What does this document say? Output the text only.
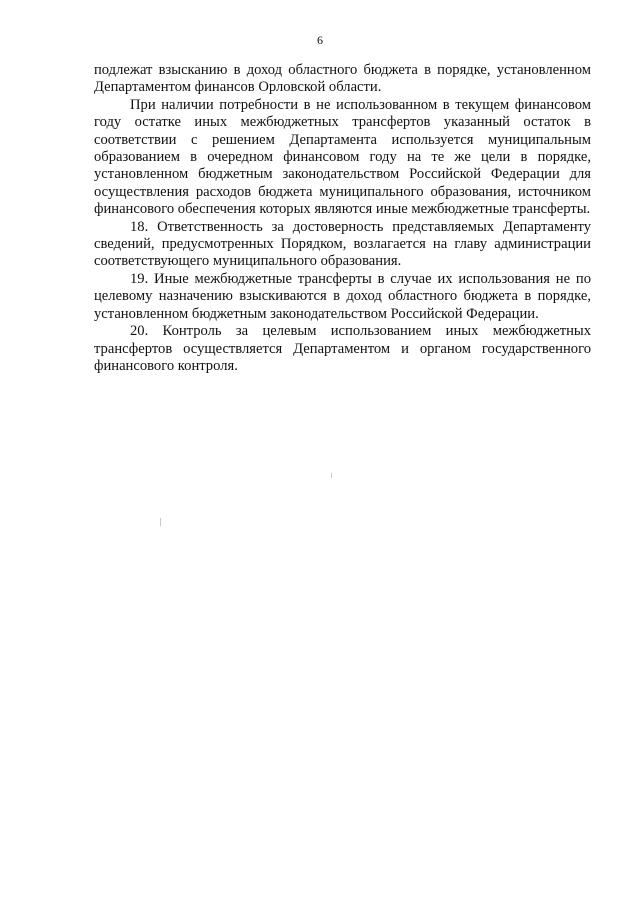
6

подлежат взысканию в доход областного бюджета в порядке, установленном Департаментом финансов Орловской области.

При наличии потребности в не использованном в текущем финансовом году остатке иных межбюджетных трансфертов указанный остаток в соответствии с решением Департамента используется муниципальным образованием в очередном финансовом году на те же цели в порядке, установленном бюджетным законодательством Российской Федерации для осуществления расходов бюджета муниципального образования, источником финансового обеспечения которых являются иные межбюджетные трансферты.

18. Ответственность за достоверность представляемых Департаменту сведений, предусмотренных Порядком, возлагается на главу администрации соответствующего муниципального образования.

19. Иные межбюджетные трансферты в случае их использования не по целевому назначению взыскиваются в доход областного бюджета в порядке, установленном бюджетным законодательством Российской Федерации.

20. Контроль за целевым использованием иных межбюджетных трансфертов осуществляется Департаментом и органом государственного финансового контроля.
